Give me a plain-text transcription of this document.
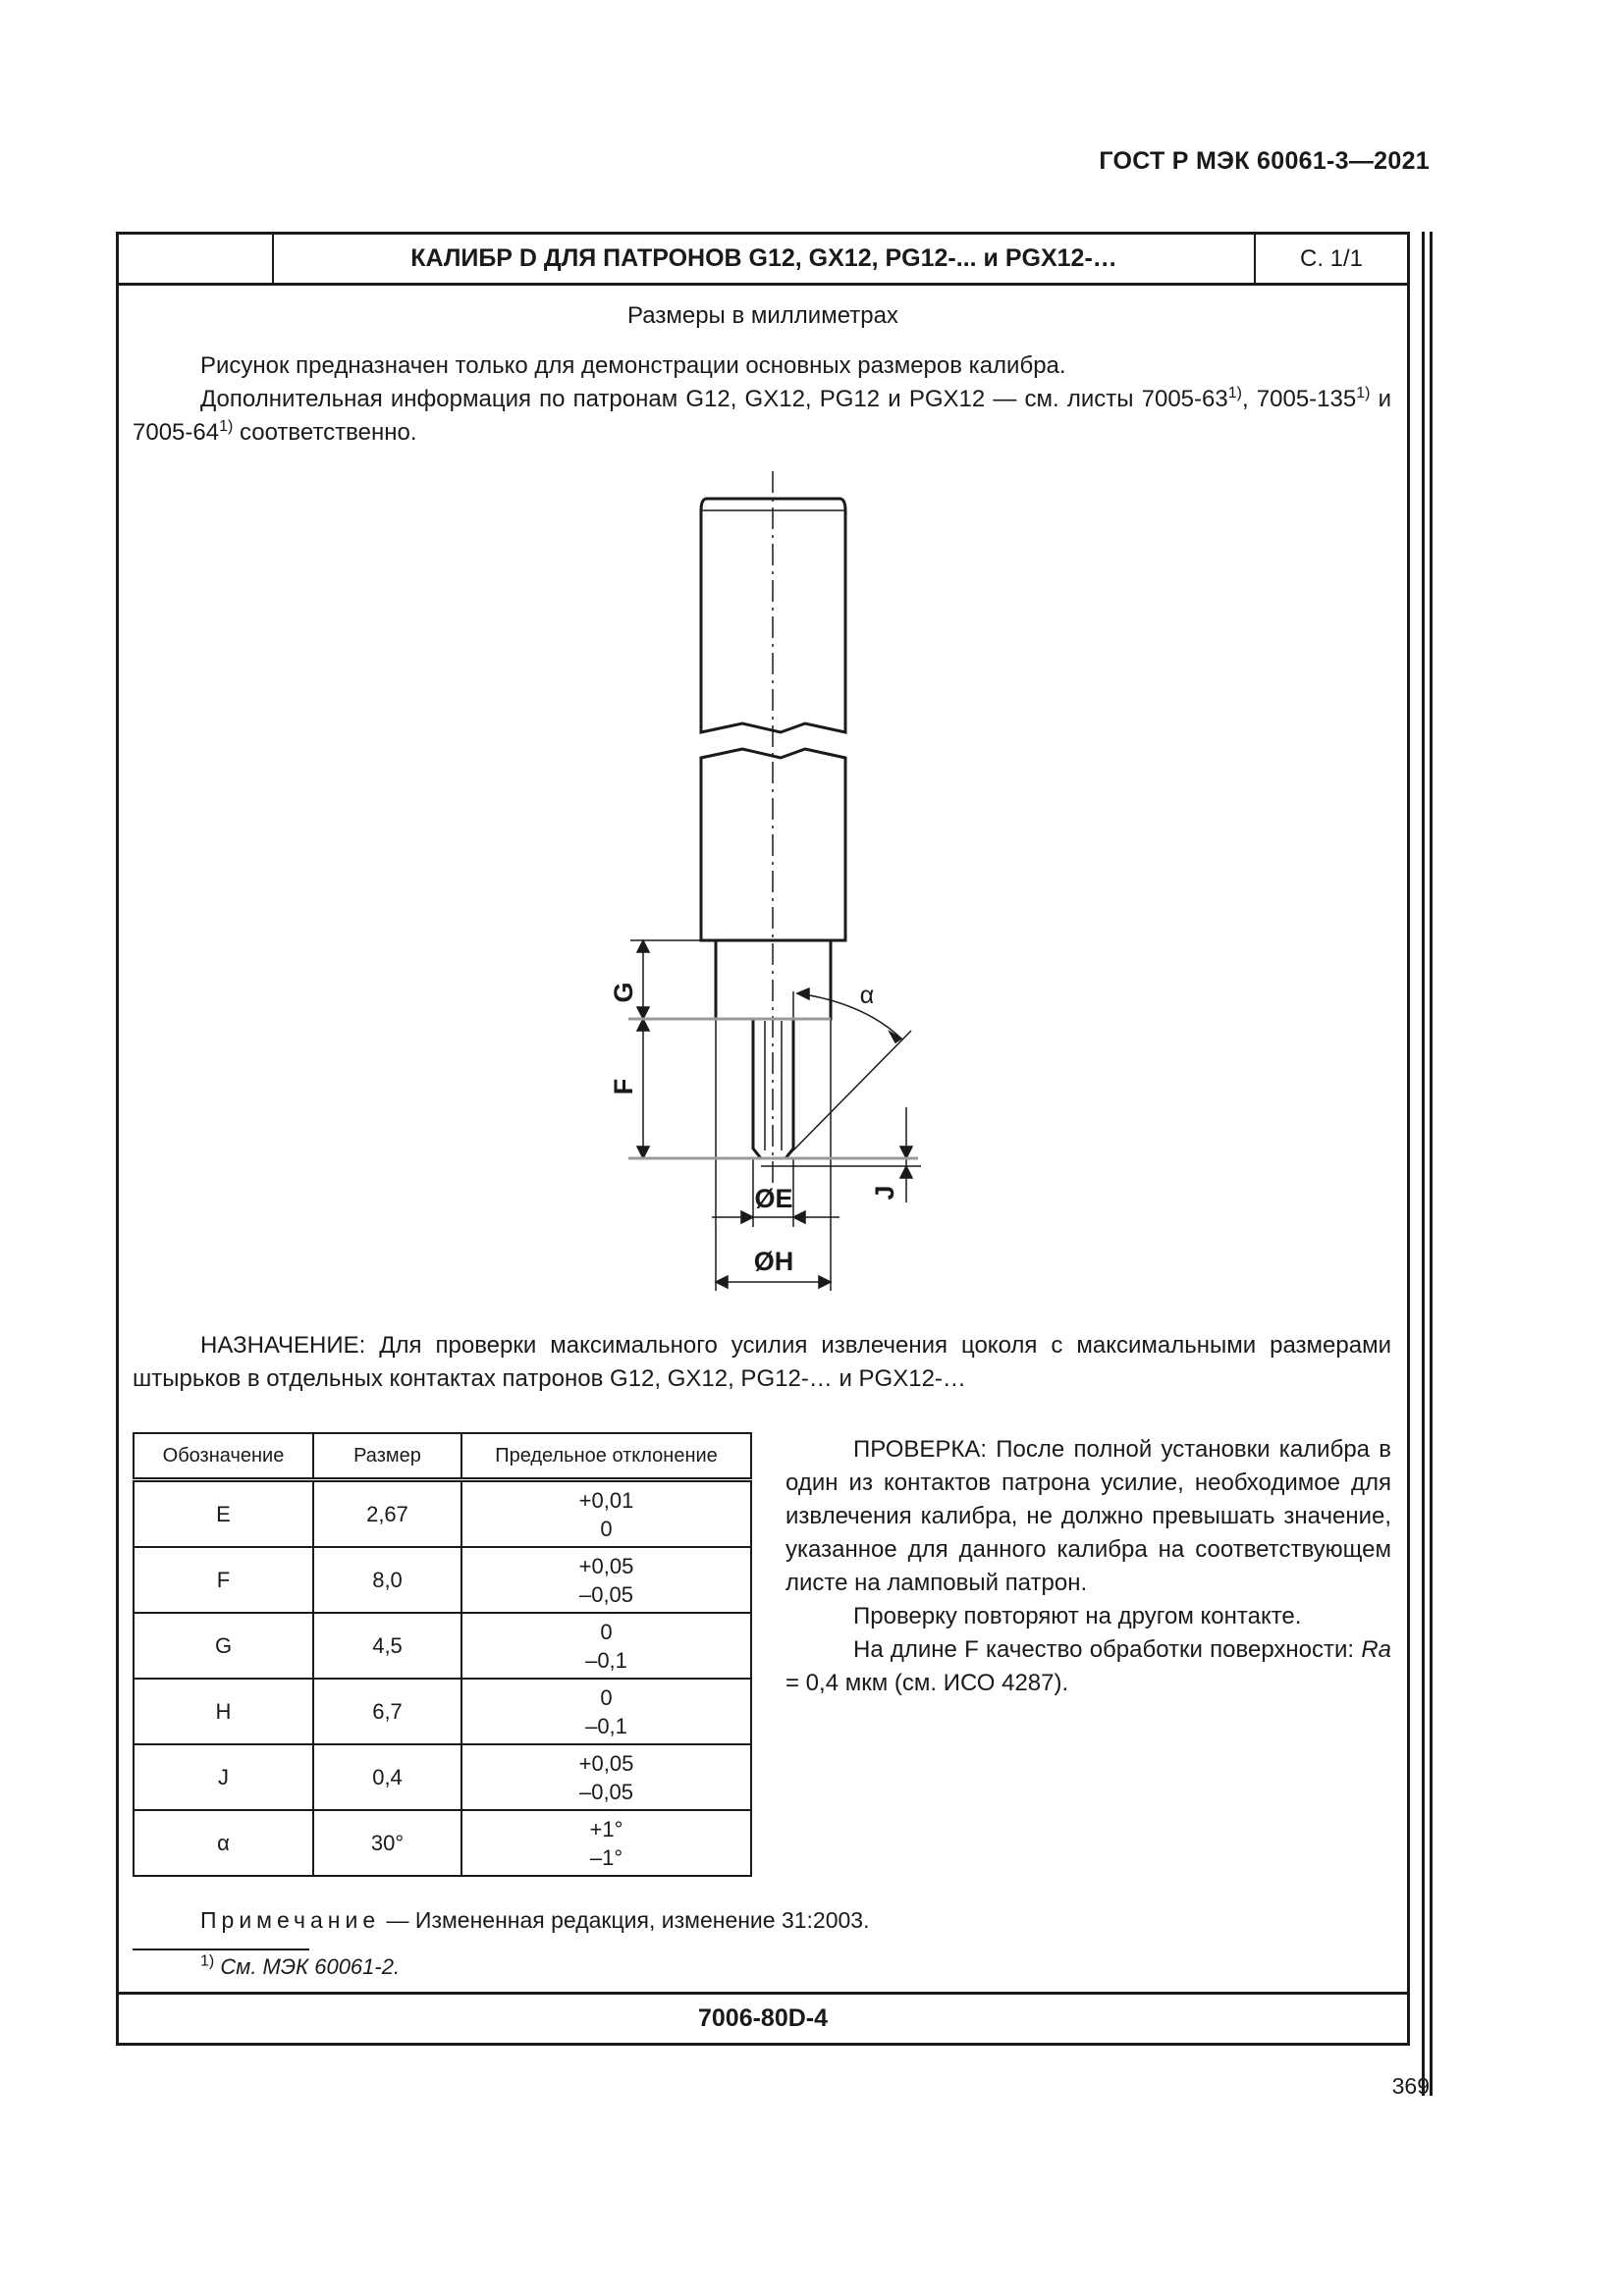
ГОСТ Р МЭК 60061-3—2021
КАЛИБР D ДЛЯ ПАТРОНОВ G12, GX12, PG12-... и PGX12-…	С. 1/1
7006-80D-4
Размеры в миллиметрах
Рисунок предназначен только для демонстрации основных размеров калибра.
Дополнительная информация по патронам G12, GX12, PG12 и PGX12 — см. листы 7005-63$^{1)}$, 7005-135$^{1)}$ и 7005-64$^{1)}$ соответственно.
G
F
α
ØE
ØH
J
НАЗНАЧЕНИЕ: Для проверки максимального усилия извлечения цоколя с максимальными размерами штырьков в отдельных контактах патронов G12, GX12, PG12-… и PGX12-…
Обозначение	Размер	Предельное отклонение
E	2,67	+0,01
0

F	8,0	+0,05
–0,05

G	4,5	0
–0,1

H	6,7	0
–0,1

J	0,4	+0,05
–0,05

α	30°	+1°
–1°
ПРОВЕРКА: После полной установки калибра в один из контактов патрона усилие, необходимое для извлечения калибра, не должно превышать значение, указанное для данного калибра на соответствующем листе на ламповый патрон.
Проверку повторяют на другом контакте.
На длине F качество обработки поверхности: Ra = 0,4 мкм (см. ИСО 4287).
Примечание — Измененная редакция, изменение 31:2003.
$^{1)}$ См. МЭК 60061-2.
369
